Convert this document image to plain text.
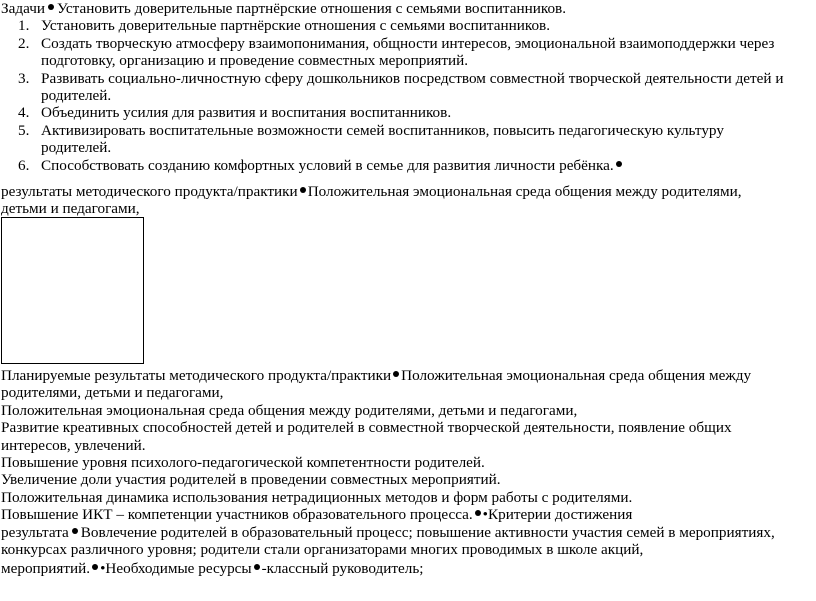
Задачи Установить доверительные партнёрские отношения с семьями воспитанников.
1. Установить доверительные партнёрские отношения с семьями воспитанников.
2. Создать творческую атмосферу взаимопонимания, общности интересов, эмоциональной взаимоподдержки через
подготовку, организацию и проведение совместных мероприятий.
3. Развивать социально-личностную сферу дошкольников посредством совместной творческой деятельности детей и
родителей.
4. Объединить усилия для развития и воспитания воспитанников.
5. Активизировать воспитательные возможности семей воспитанников, повысить педагогическую культуру
родителей.
6. Способствовать созданию комфортных условий в семье для развития личности ребёнка.
результаты методического продукта/практики Положительная эмоциональная среда общения между родителями,
детьми и педагогами,
Планируемые результаты методического продукта/практики Положительная эмоциональная среда общения между
родителями, детьми и педагогами,
Положительная эмоциональная среда общения между родителями, детьми и педагогами,
Развитие креативных способностей детей и родителей в совместной творческой деятельности, появление общих
интересов, увлечений.
Повышение уровня психолого-педагогической компетентности родителей.
Увеличение доли участия родителей в проведении совместных мероприятий.
Положительная динамика использования нетрадиционных методов и форм работы с родителями.
Повышение ИКТ – компетенции участников образовательного процесса. •Критерии достижения
результата Вовлечение родителей в образовательный процесс; повышение активности участия семей в мероприятиях,
конкурсах различного уровня; родители стали организаторами многих проводимых в школе акций,
мероприятий. •Необходимые ресурсы -классный руководитель;
